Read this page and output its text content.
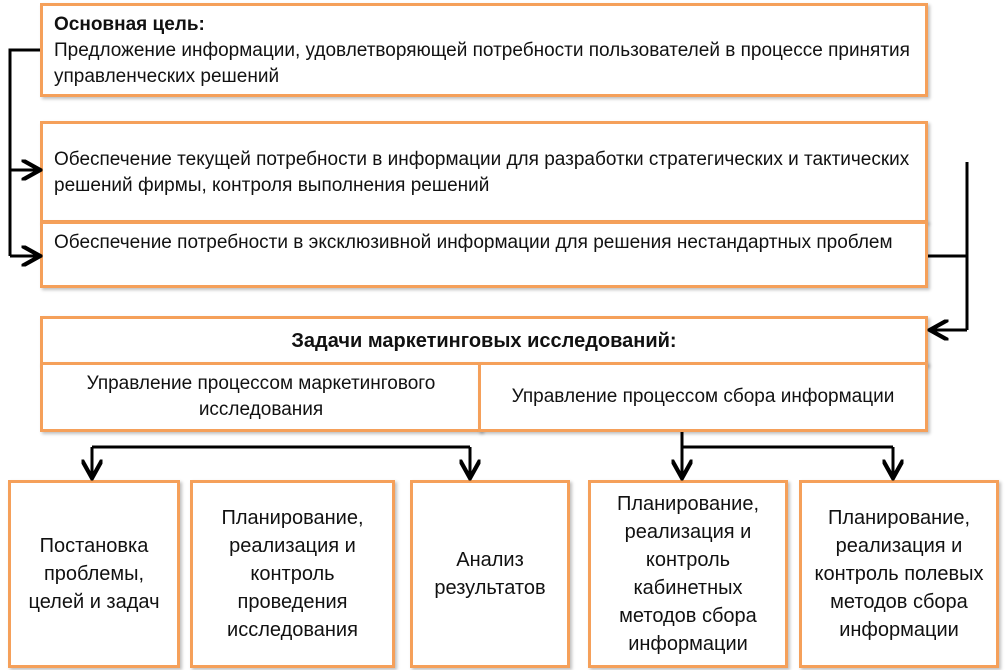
Основная цель:
Предложение информации, удовлетворяющей потребности пользователей в процессе принятия управленческих решений
Обеспечение текущей потребности в информации для разработки стратегических и тактических решений фирмы, контроля выполнения решений
Обеспечение потребности в эксклюзивной информации для решения нестандартных проблем
Задачи маркетинговых исследований:
Управление процессом маркетингового исследования
Управление процессом сбора информации
Постановка проблемы, целей и задач
Планирование, реализация и контроль проведения исследования
Анализ результатов
Планирование, реализация и контроль кабинетных методов сбора информации
Планирование, реализация и контроль полевых методов сбора информации
